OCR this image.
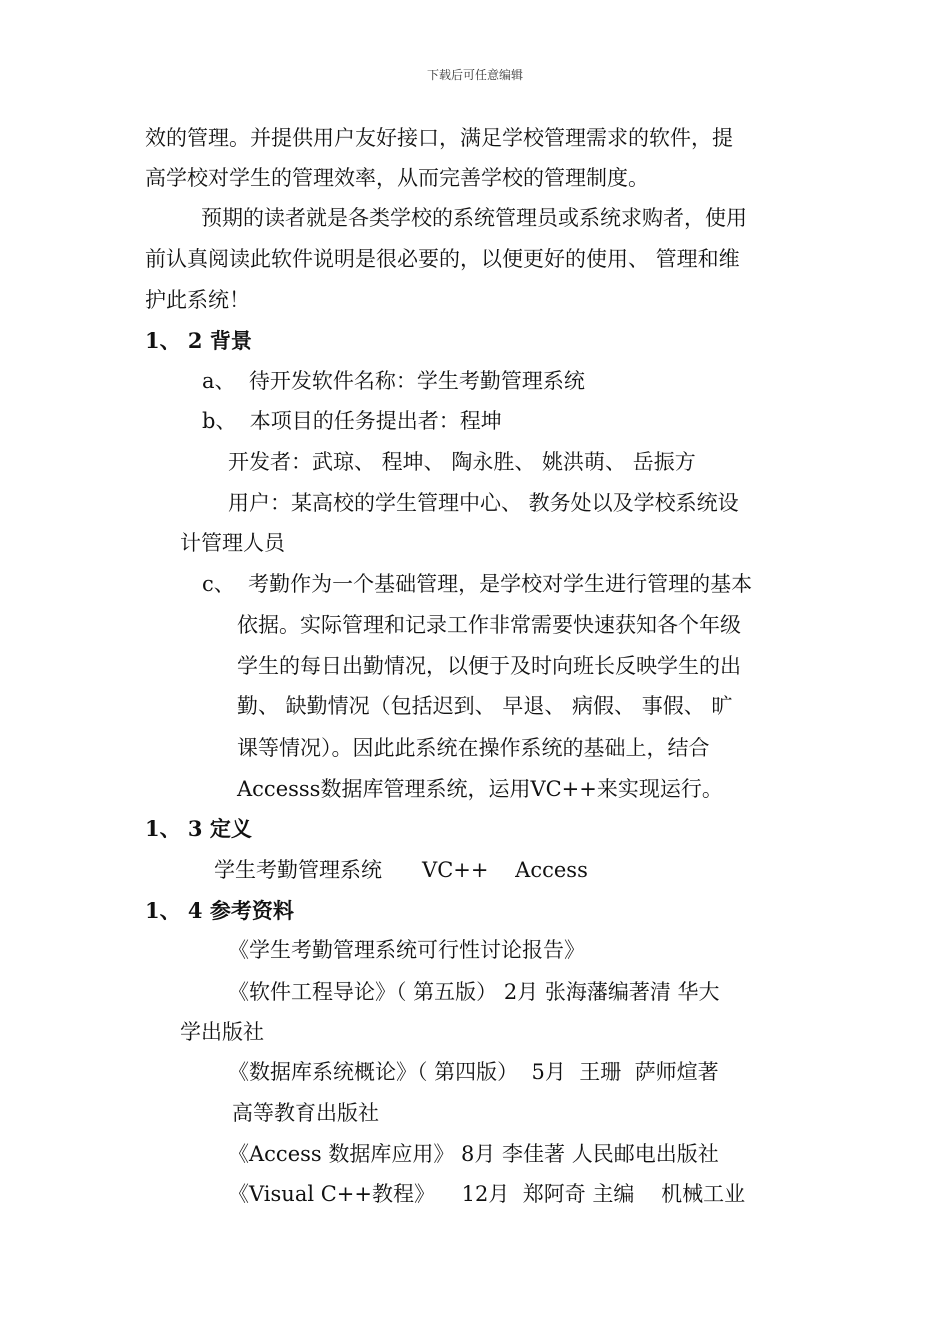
下载后可任意编辑
效的管理。并提供用户友好接口，满足学校管理需求的软件，提
高学校对学生的管理效率，从而完善学校的管理制度。
预期的读者就是各类学校的系统管理员或系统求购者，使用
前认真阅读此软件说明是很必要的，以便更好的使用、 管理和维
护此系统！
1、 2 背景
a、  待开发软件名称：学生考勤管理系统
b、  本项目的任务提出者：程坤
开发者：武琼、 程坤、 陶永胜、 姚洪萌、 岳振方
用户：某高校的学生管理中心、 教务处以及学校系统设
计管理人员
c、  考勤作为一个基础管理，是学校对学生进行管理的基本
依据。实际管理和记录工作非常需要快速获知各个年级
学生的每日出勤情况，以便于及时向班长反映学生的出
勤、 缺勤情况（包括迟到、 早退、 病假、 事假、 旷
课等情况）。因此此系统在操作系统的基础上，结合
Accesss数据库管理系统，运用VC++来实现运行。
1、 3 定义
学生考勤管理系统      VC++    Access
1、 4 参考资料
《学生考勤管理系统可行性讨论报告》
《软件工程导论》（ 第五版） 2月 张海藩编著清 华大
学出版社
《数据库系统概论》（ 第四版）  5月  王珊  萨师煊著
高等教育出版社
《Access 数据库应用》 8月 李佳著 人民邮电出版社
《Visual C++教程》    12月  郑阿奇 主编    机械工业
